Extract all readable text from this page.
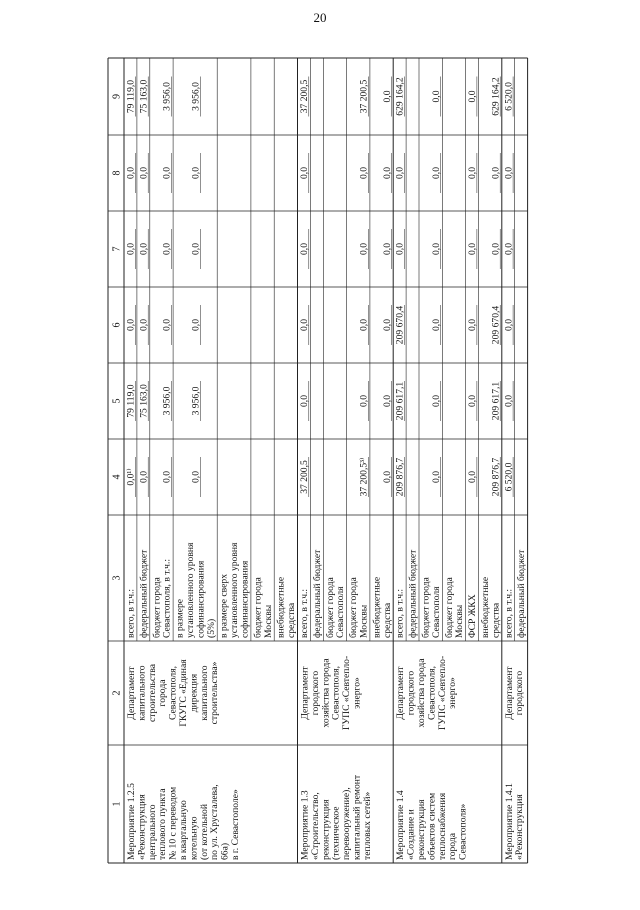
20
1
2
3
4
5
6
7
8
9
Мероприятие 1.2.5«Реконструкцияцентральноготеплового пункта№ 10 с переводомв квартальнуюкотельную(от котельнойпо ул. Хрусталева,66а)в г. Севастополе»
ДепартаменткапитальногостроительствагородаСевастополя,ГКУГС «Единаядирекциякапитальногостроительства»
всего, в т.ч.:
0,0¹⁾
79 119,0
0,0
0,0
0,0
79 119,0
федеральный бюджет
0,0
75 163,0
0,0
0,0
0,0
75 163,0
бюджет городаСевастополя, в т.ч.:
0,0
3 956,0
0,0
0,0
0,0
3 956,0
в размереустановленного уровнясофинансирования(5%)
0,0
3 956,0
0,0
0,0
0,0
3 956,0
в размере сверхустановленного уровнясофинансирования бюджет городаМосквы внебюджетныесредства
Мероприятие 1.3«Строительство,реконструкция(техническоеперевооружение),капитальный ремонттепловых сетей»
Департаментгородскогохозяйства городаСевастополя,ГУПС «Севтепло-энерго»
всего, в т.ч.:
37 200,5
0,0
0,0
0,0
0,0
37 200,5
федеральный бюджет бюджет городаСевастополя бюджет городаМосквы
37 200,5³⁾
0,0
0,0
0,0
0,0
37 200,5
внебюджетныесредства
0,0
0,0
0,0
0,0
0,0
0,0
Мероприятие 1.4«Создание иреконструкцияобъектов системтеплоснабжениягородаСевастополя»
Департаментгородскогохозяйства городаСевастополя,ГУПС «Севтепло-энерго»
всего, в т.ч.:
209 876,7
209 617,1
209 670,4
0,0
0,0
629 164,2
федеральный бюджет бюджет городаСевастополя
0,0
0,0
0,0
0,0
0,0
0,0
бюджет городаМосквы ФСР ЖКХ
0,0
0,0
0,0
0,0
0,0
0,0
внебюджетныесредства
209 876,7
209 617,1
209 670,4
0,0
0,0
629 164,2
Мероприятие 1.4.1«Реконструкция
Департаментгородского
всего, в т.ч.:
6 520,0
0,0
0,0
0,0
0,0
6 520,0
федеральный бюджет
